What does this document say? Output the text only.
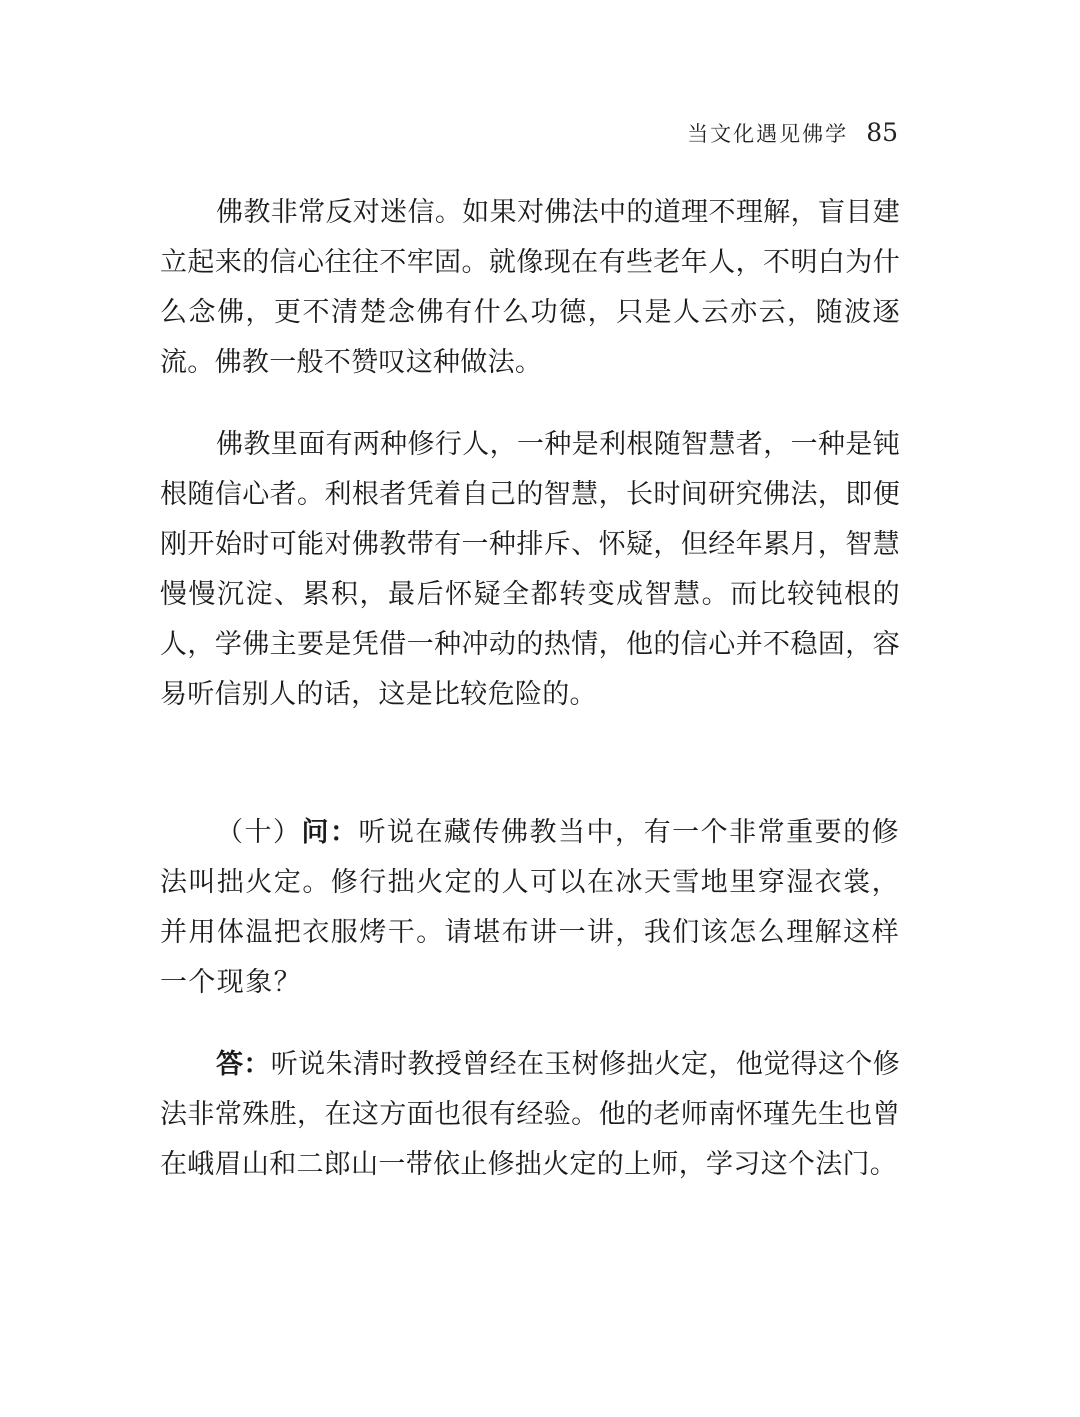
当文化遇见佛学 85

佛教非常反对迷信。如果对佛法中的道理不理解，盲目建立起来的信心往往不牢固。就像现在有些老年人，不明白为什么念佛，更不清楚念佛有什么功德，只是人云亦云，随波逐流。佛教一般不赞叹这种做法。

佛教里面有两种修行人，一种是利根随智慧者，一种是钝根随信心者。利根者凭着自己的智慧，长时间研究佛法，即便刚开始时可能对佛教带有一种排斥、怀疑，但经年累月，智慧慢慢沉淀、累积，最后怀疑全都转变成智慧。而比较钝根的人，学佛主要是凭借一种冲动的热情，他的信心并不稳固，容易听信别人的话，这是比较危险的。

（十）问：听说在藏传佛教当中，有一个非常重要的修法叫拙火定。修行拙火定的人可以在冰天雪地里穿湿衣裳，并用体温把衣服烤干。请堪布讲一讲，我们该怎么理解这样一个现象？

答：听说朱清时教授曾经在玉树修拙火定，他觉得这个修法非常殊胜，在这方面也很有经验。他的老师南怀瑾先生也曾在峨眉山和二郎山一带依止修拙火定的上师，学习这个法门。
